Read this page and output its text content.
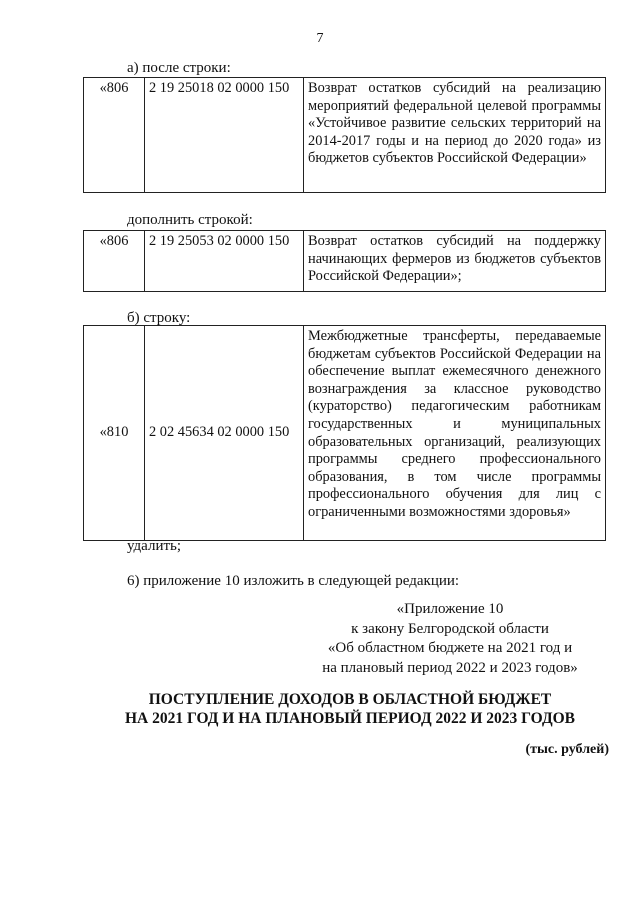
7
а) после строки:
«806	2 19 25018 02 0000 150	Возврат остатков субсидий на реализацию мероприятий федеральной целевой программы «Устойчивое развитие сельских территорий на 2014-2017 годы и на период до 2020 года» из бюджетов субъектов Российской Федерации»
дополнить строкой:
«806	2 19 25053 02 0000 150	Возврат остатков субсидий на поддержку начинающих фермеров из бюджетов субъектов Российской Федерации»;
б) строку:
«810	2 02 45634 02 0000 150	Межбюджетные трансферты, передаваемые бюджетам субъектов Российской Федерации на обеспечение выплат ежемесячного денежного вознаграждения за классное руководство (кураторство) педагогическим работникам государственных и муниципальных образовательных организаций, реализующих программы среднего профессионального образования, в том числе программы профессионального обучения для лиц с ограниченными возможностями здоровья»
удалить;
6) приложение 10 изложить в следующей редакции:
«Приложение 10
к закону Белгородской области
«Об областном бюджете на 2021 год и
на плановый период 2022 и 2023 годов»
ПОСТУПЛЕНИЕ ДОХОДОВ В ОБЛАСТНОЙ БЮДЖЕТ
НА 2021 ГОД И НА ПЛАНОВЫЙ ПЕРИОД 2022 И 2023 ГОДОВ
(тыс. рублей)
